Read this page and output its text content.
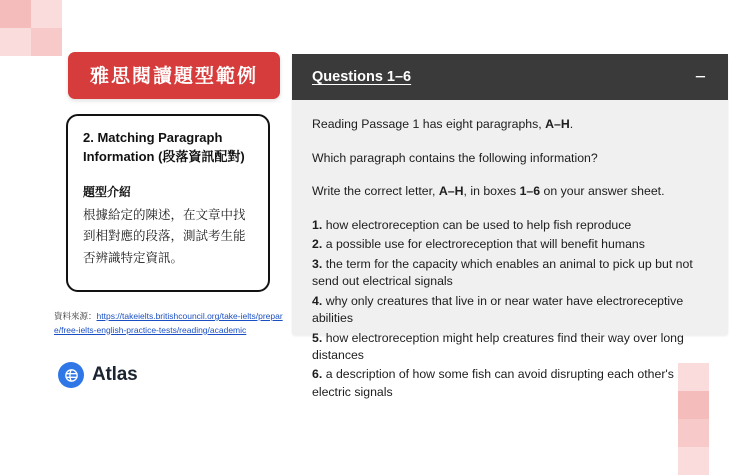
雅思閱讀題型範例
2. Matching Paragraph Information (段落資訊配對)
題型介紹
根據給定的陳述，在文章中找到相對應的段落，測試考生能否辨識特定資訊。
資料來源：https://takeielts.britishcouncil.org/take-ielts/prepare/free-ielts-english-practice-tests/reading/academic
Atlas
Questions 1–6	−

Reading Passage 1 has eight paragraphs, A–H.

Which paragraph contains the following information?

Write the correct letter, A–H, in boxes 1–6 on your answer sheet.

1. how electroreception can be used to help fish reproduce
2. a possible use for electroreception that will benefit humans
3. the term for the capacity which enables an animal to pick up but not send out electrical signals
4. why only creatures that live in or near water have electroreceptive abilities
5. how electroreception might help creatures find their way over long distances
6. a description of how some fish can avoid disrupting each other's electric signals
